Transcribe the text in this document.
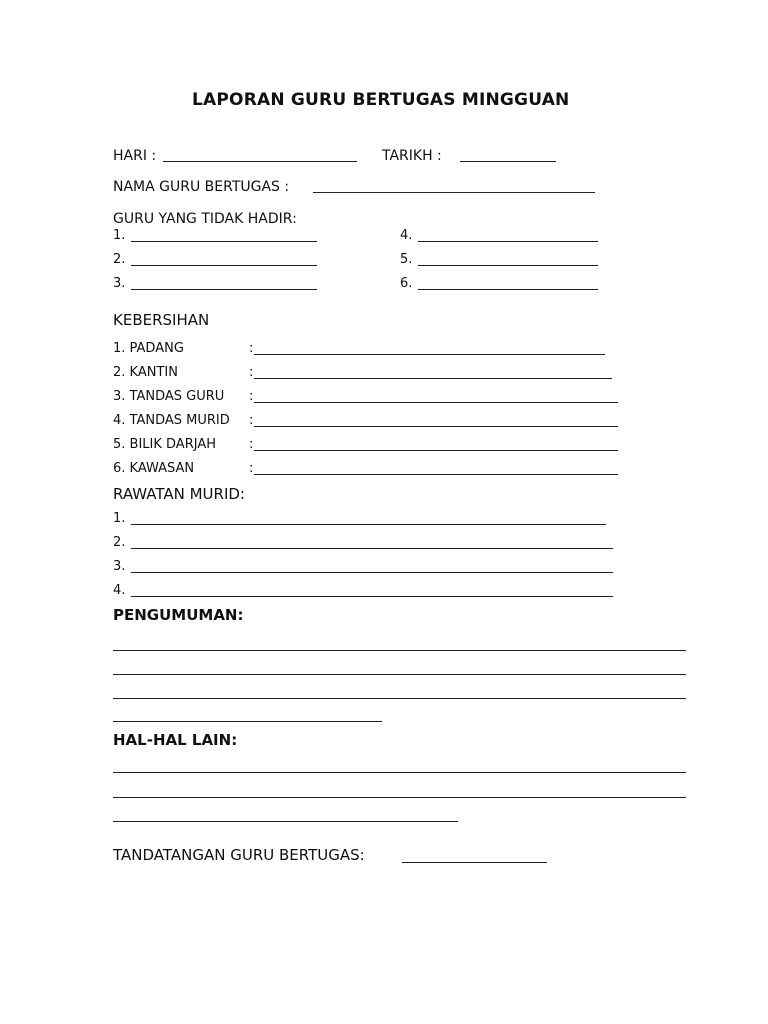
LAPORAN GURU BERTUGAS MINGGUAN
HARI :	TARIKH :
NAMA GURU BERTUGAS :
GURU YANG TIDAK HADIR:
1.	4.
2.	5.
3.	6.
KEBERSIHAN
1. PADANG	:
2. KANTIN	:
3. TANDAS GURU :
4. TANDAS MURID :
5. BILIK DARJAH	:
6. KAWASAN	:
RAWATAN MURID:
1.
2.
3.
4.
PENGUMUMAN:
HAL-HAL LAIN:
TANDATANGAN GURU BERTUGAS:
